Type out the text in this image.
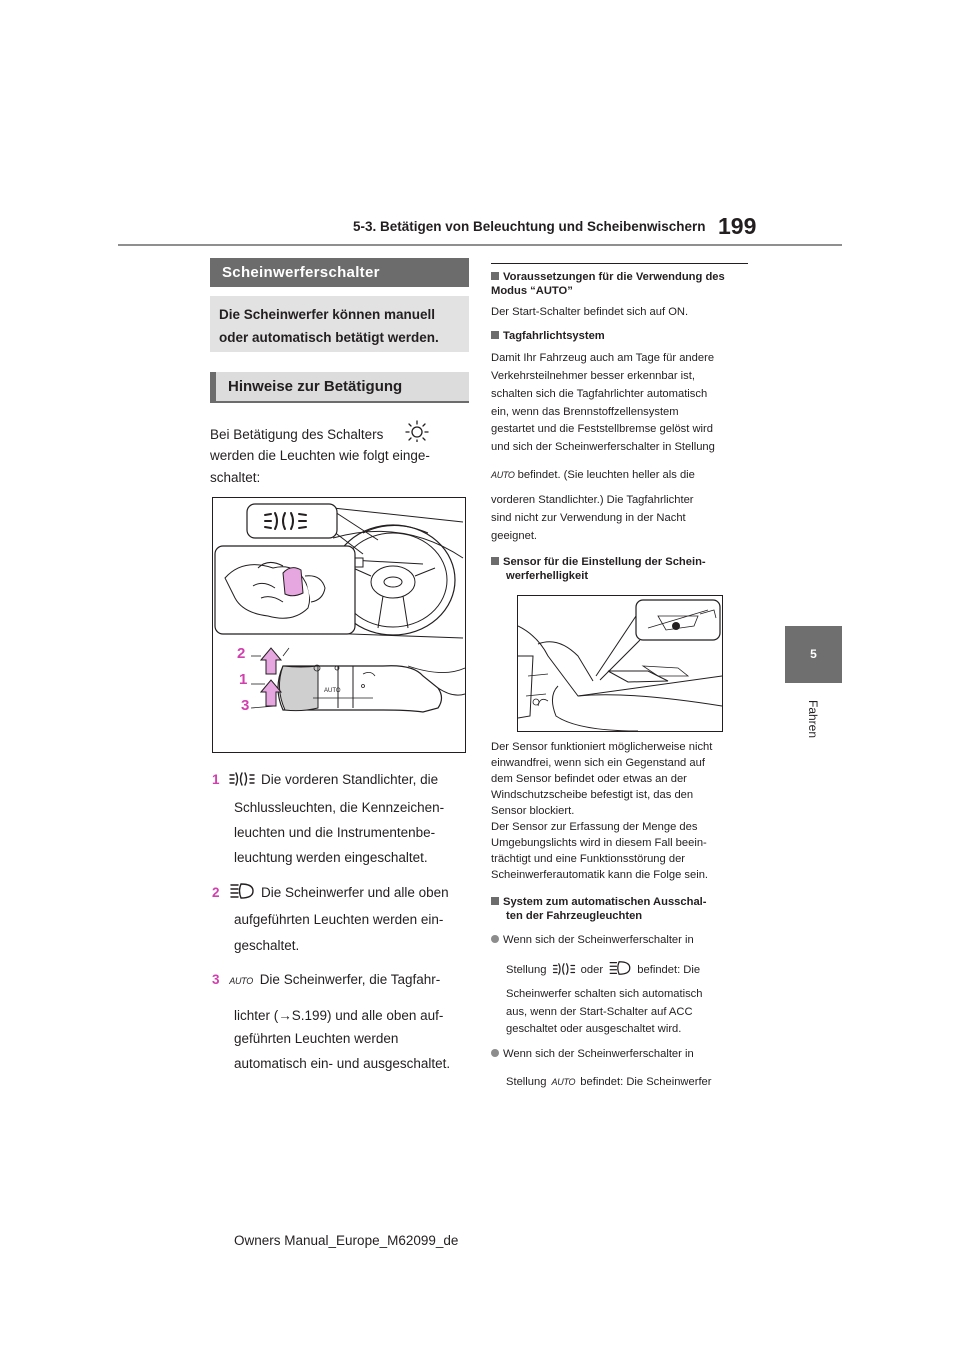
5-3. Betätigen von Beleuchtung und Scheibenwischern 199
5
Fahren
Scheinwerferschalter
Die Scheinwerfer können manuell oder automatisch betätigt werden.
Hinweise zur Betätigung
Bei Betätigung des Schalters
werden die Leuchten wie folgt einge-
schaltet:
AUTO
2
1
3
1	Die vorderen Standlichter, die
Schlussleuchten, die Kennzeichen-
leuchten und die Instrumentenbe-
leuchtung werden eingeschaltet.
2	Die Scheinwerfer und alle oben
aufgeführten Leuchten werden ein-
geschaltet.
3 AUTO Die Scheinwerfer, die Tagfahr-
lichter (→S.199) und alle oben auf-
geführten Leuchten werden
automatisch ein- und ausgeschaltet.
Voraussetzungen für die Verwendung des Modus “AUTO”
Der Start-Schalter befindet sich auf ON.
Tagfahrlichtsystem
Damit Ihr Fahrzeug auch am Tage für andere
Verkehrsteilnehmer besser erkennbar ist,
schalten sich die Tagfahrlichter automatisch
ein, wenn das Brennstoffzellensystem
gestartet und die Feststellbremse gelöst wird
und sich der Scheinwerferschalter in Stellung
AUTO befindet. (Sie leuchten heller als die
vorderen Standlichter.) Die Tagfahrlichter
sind nicht zur Verwendung in der Nacht
geeignet.
Sensor für die Einstellung der Schein-
werferhelligkeit
Der Sensor funktioniert möglicherweise nicht
einwandfrei, wenn sich ein Gegenstand auf
dem Sensor befindet oder etwas an der
Windschutzscheibe befestigt ist, das den
Sensor blockiert.
Der Sensor zur Erfassung der Menge des
Umgebungslichts wird in diesem Fall beein-
trächtigt und eine Funktionsstörung der
Scheinwerferautomatik kann die Folge sein.
System zum automatischen Ausschal-
ten der Fahrzeugleuchten
Wenn sich der Scheinwerferschalter in
Stellung	oder	befindet: Die
Scheinwerfer schalten sich automatisch
aus, wenn der Start-Schalter auf ACC
geschaltet oder ausgeschaltet wird.
Wenn sich der Scheinwerferschalter in
Stellung AUTO befindet: Die Scheinwerfer
Owners Manual_Europe_M62099_de
